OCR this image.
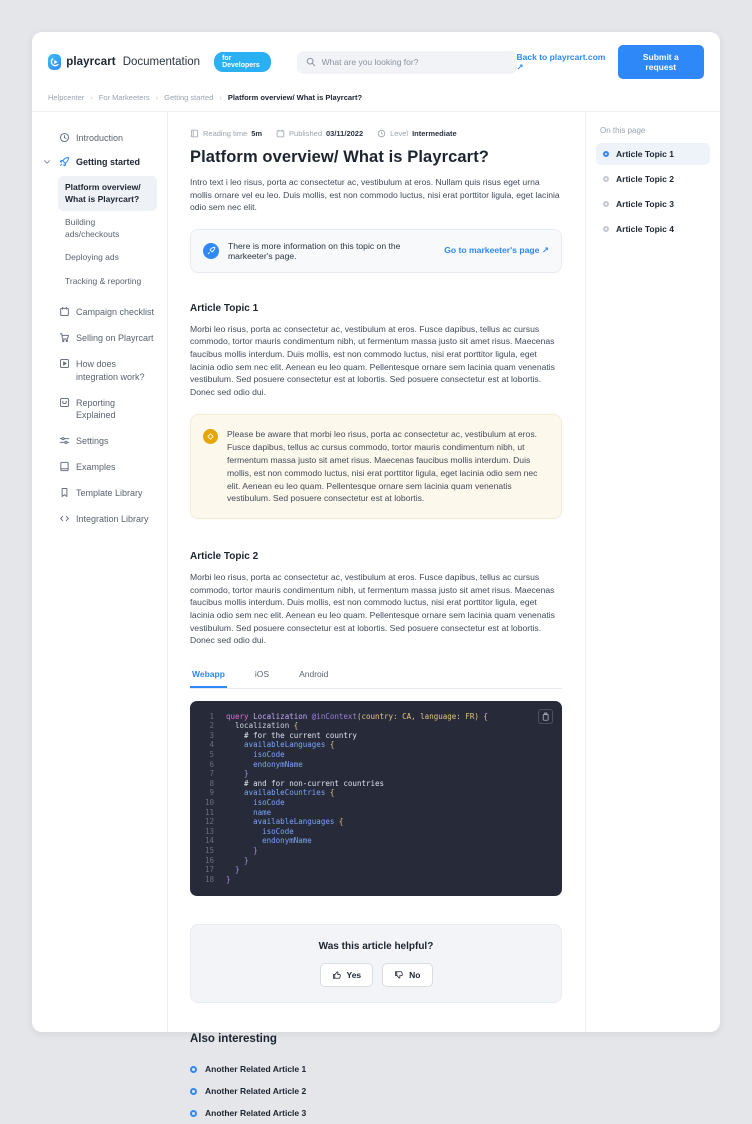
playrcart Documentation	for Developers
What are you looking for?
Back to playrcart.com ↗
Submit a request
Helpcenter › For Markeeters › Getting started › Platform overview/ What is Playrcart?
Introduction
Getting started
Platform overview/ What is Playrcart?
Building ads/checkouts
Deploying ads
Tracking & reporting
Campaign checklist
Selling on Playrcart
How does integration work?
Reporting Explained
Settings
Examples
Template Library
Integration Library
Reading time 5m	Published 03/11/2022	Level Intermediate
Platform overview/ What is Playrcart?

Intro text i leo risus, porta ac consectetur ac, vestibulum at eros. Nullam quis risus eget urna mollis ornare vel eu leo. Duis mollis, est non commodo luctus, nisi erat porttitor ligula, eget lacinia odio sem nec elit.

There is more information on this topic on the markeeter's page.
Go to markeeter's page ↗
Article Topic 1

Morbi leo risus, porta ac consectetur ac, vestibulum at eros. Fusce dapibus, tellus ac cursus commodo, tortor mauris condimentum nibh, ut fermentum massa justo sit amet risus. Maecenas faucibus mollis interdum. Duis mollis, est non commodo luctus, nisi erat porttitor ligula, eget lacinia odio sem nec elit. Aenean eu leo quam. Pellentesque ornare sem lacinia quam venenatis vestibulum. Sed posuere consectetur est at lobortis. Sed posuere consectetur est at lobortis. Donec sed odio dui.

Please be aware that morbi leo risus, porta ac consectetur ac, vestibulum at eros. Fusce dapibus, tellus ac cursus commodo, tortor mauris condimentum nibh, ut fermentum massa justo sit amet risus. Maecenas faucibus mollis interdum. Duis mollis, est non commodo luctus, nisi erat porttitor ligula, eget lacinia odio sem nec elit. Aenean eu leo quam. Pellentesque ornare sem lacinia quam venenatis vestibulum. Sed posuere consectetur est at lobortis.

Article Topic 2

Morbi leo risus, porta ac consectetur ac, vestibulum at eros. Fusce dapibus, tellus ac cursus commodo, tortor mauris condimentum nibh, ut fermentum massa justo sit amet risus. Maecenas faucibus mollis interdum. Duis mollis, est non commodo luctus, nisi erat porttitor ligula, eget lacinia odio sem nec elit. Aenean eu leo quam. Pellentesque ornare sem lacinia quam venenatis vestibulum. Sed posuere consectetur est at lobortis. Sed posuere consectetur est at lobortis. Donec sed odio dui.

Webapp	iOS	Android
1 query Localization @inContext (country: CA, language: FR) {
2 localization {
3 # for the current country
4 availableLanguages {
5 isoCode
6 endonymName
7 }
8 # and for non-current countries
9 availableCountries {
10 isoCode
11 name
12 availableLanguages {
13 isoCode
14 endonymName
15 }
16 }
17 }
18 }
Was this article helpful?
Yes	No
Also interesting
Another Related Article 1
Another Related Article 2
Another Related Article 3
On this page
Article Topic 1
Article Topic 2
Article Topic 3
Article Topic 4
